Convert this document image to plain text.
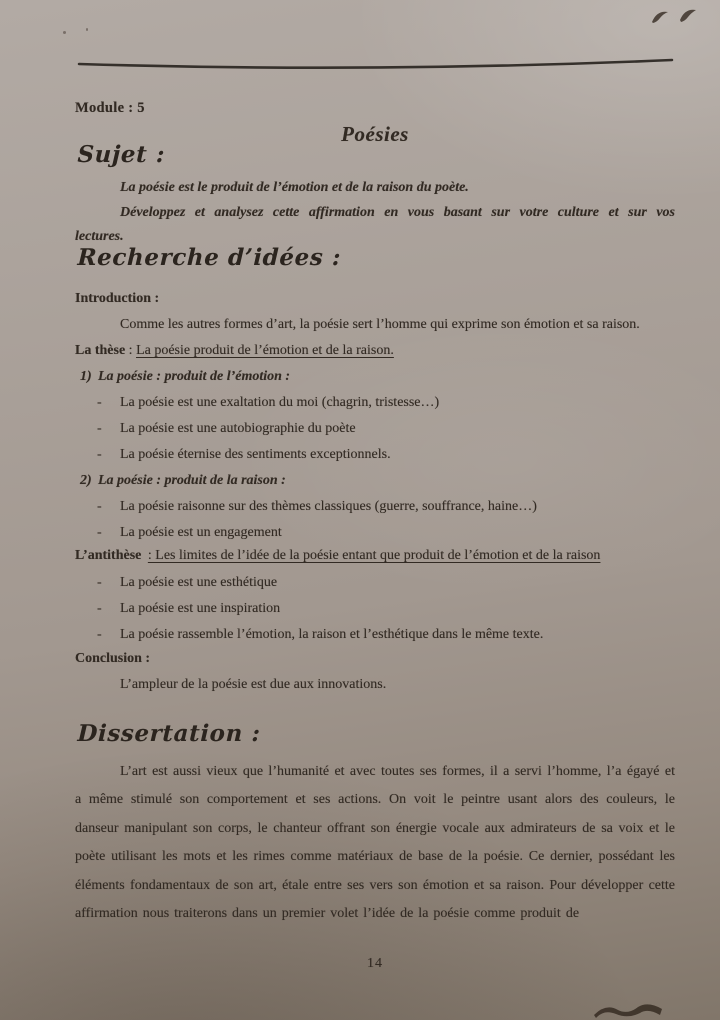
Module : 5
Poésies
Sujet :
La poésie est le produit de l’émotion et de la raison du poète.
Développez et analysez cette affirmation en vous basant sur votre culture et sur vos lectures.
Recherche d’idées :
Introduction :
Comme les autres formes d’art, la poésie sert l’homme qui exprime son émotion et sa raison.
La thèse : La poésie produit de l’émotion et de la raison.
1) La poésie : produit de l’émotion :
-	La poésie est une exaltation du moi (chagrin, tristesse…)
-	La poésie est une autobiographie du poète
-	La poésie éternise des sentiments exceptionnels.
2) La poésie : produit de la raison :
-	La poésie raisonne sur des thèmes classiques (guerre, souffrance, haine…)
-	La poésie est un engagement
L’antithèse : Les limites de l’idée de la poésie entant que produit de l’émotion et de la raison
-	La poésie est une esthétique
-	La poésie est une inspiration
-	La poésie rassemble l’émotion, la raison et l’esthétique dans le même texte.
Conclusion :
L’ampleur de la poésie est due aux innovations.
Dissertation :
L’art est aussi vieux que l’humanité et avec toutes ses formes, il a servi l’homme, l’a égayé et a même stimulé son comportement et ses actions. On voit le peintre usant alors des couleurs, le danseur manipulant son corps, le chanteur offrant son énergie vocale aux admirateurs de sa voix et le poète utilisant les mots et les rimes comme matériaux de base de la poésie. Ce dernier, possédant les éléments fondamentaux de son art, étale entre ses vers son émotion et sa raison. Pour développer cette affirmation nous traiterons dans un premier volet l’idée de la poésie comme produit de
14
